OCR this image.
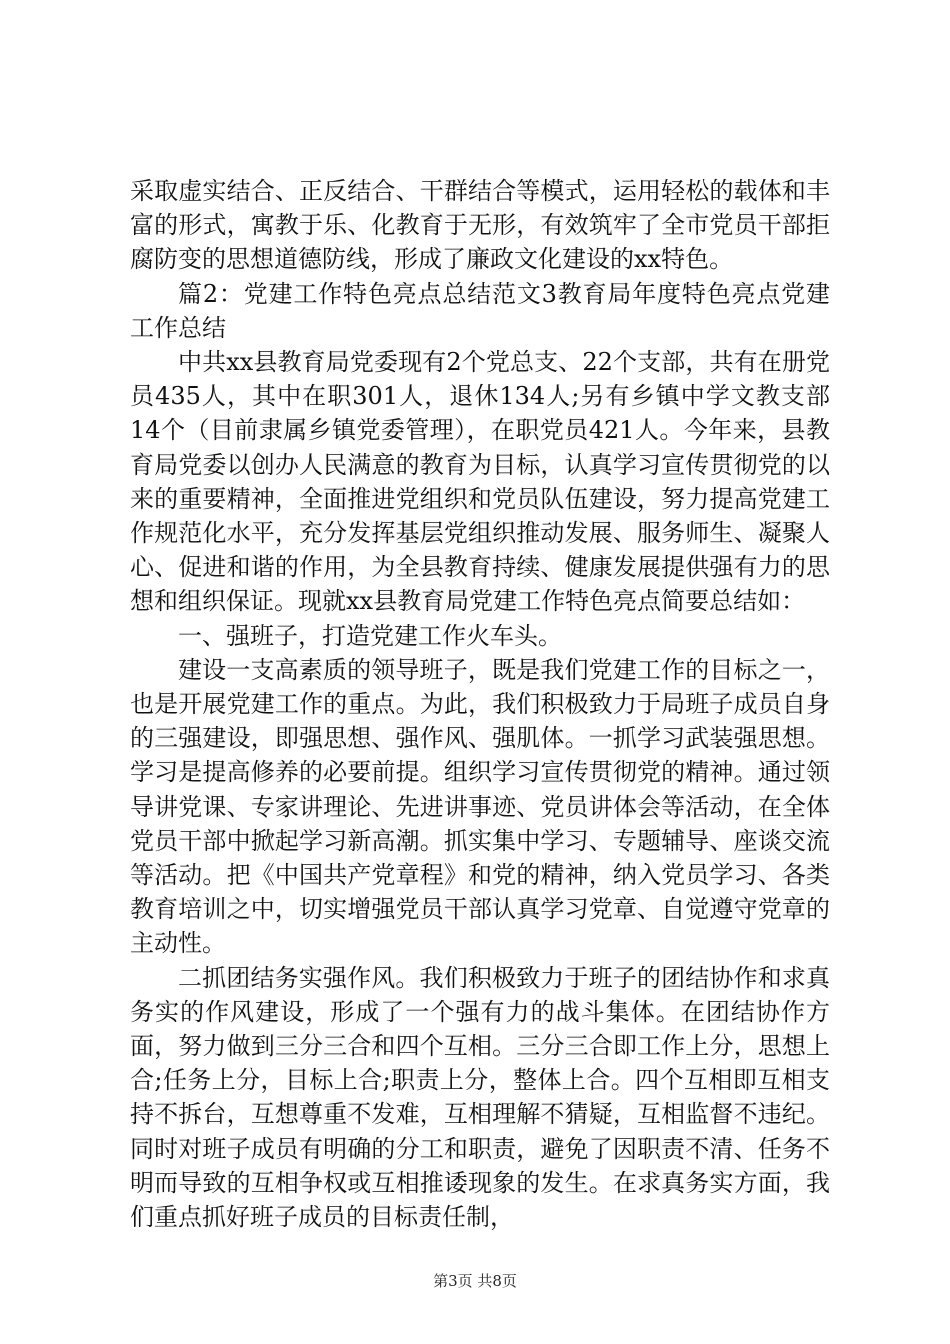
采取虚实结合、正反结合、干群结合等模式，运用轻松的载体和丰富的形式，寓教于乐、化教育于无形，有效筑牢了全市党员干部拒腐防变的思想道德防线，形成了廉政文化建设的xx特色。

篇2：党建工作特色亮点总结范文3教育局年度特色亮点党建工作总结

中共xx县教育局党委现有2个党总支、22个支部，共有在册党员435人，其中在职301人，退休134人;另有乡镇中学文教支部14个（目前隶属乡镇党委管理），在职党员421人。今年来，县教育局党委以创办人民满意的教育为目标，认真学习宣传贯彻党的以来的重要精神，全面推进党组织和党员队伍建设，努力提高党建工作规范化水平，充分发挥基层党组织推动发展、服务师生、凝聚人心、促进和谐的作用，为全县教育持续、健康发展提供强有力的思想和组织保证。现就xx县教育局党建工作特色亮点简要总结如：

一、强班子，打造党建工作火车头。

建设一支高素质的领导班子，既是我们党建工作的目标之一，也是开展党建工作的重点。为此，我们积极致力于局班子成员自身的三强建设，即强思想、强作风、强肌体。一抓学习武装强思想。学习是提高修养的必要前提。组织学习宣传贯彻党的精神。通过领导讲党课、专家讲理论、先进讲事迹、党员讲体会等活动，在全体党员干部中掀起学习新高潮。抓实集中学习、专题辅导、座谈交流等活动。把《中国共产党章程》和党的精神，纳入党员学习、各类教育培训之中，切实增强党员干部认真学习党章、自觉遵守党章的主动性。

二抓团结务实强作风。我们积极致力于班子的团结协作和求真务实的作风建设，形成了一个强有力的战斗集体。在团结协作方面，努力做到三分三合和四个互相。三分三合即工作上分，思想上合;任务上分，目标上合;职责上分，整体上合。四个互相即互相支持不拆台，互想尊重不发难，互相理解不猜疑，互相监督不违纪。同时对班子成员有明确的分工和职责，避免了因职责不清、任务不明而导致的互相争权或互相推诿现象的发生。在求真务实方面，我们重点抓好班子成员的目标责任制，

第3页 共8页
